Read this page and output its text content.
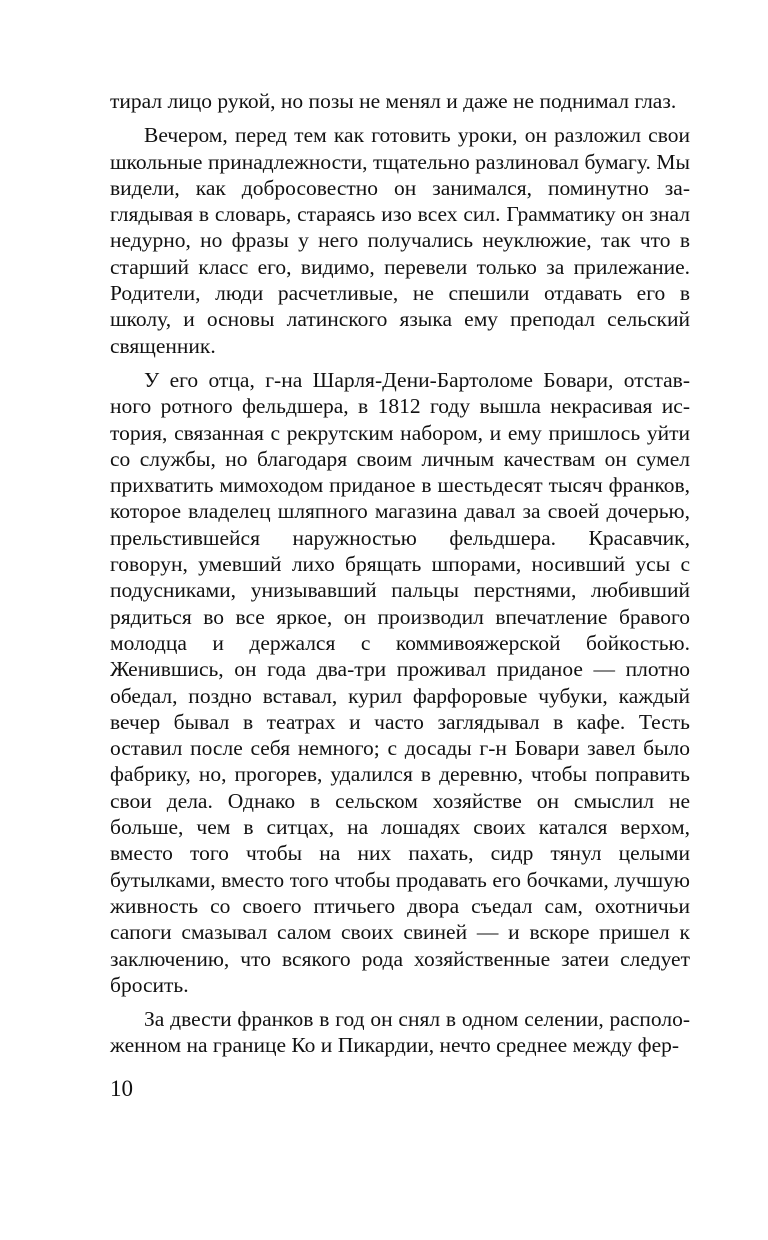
тирал лицо рукой, но позы не менял и даже не поднимал глаз.

Вечером, перед тем как готовить уроки, он разложил свои школьные принадлежности, тщательно разлиновал бумагу. Мы видели, как добросовестно он занимался, поминутно заглядывая в словарь, стараясь изо всех сил. Грамматику он знал недурно, но фразы у него получались неуклюжие, так что в старший класс его, видимо, перевели только за прилежание. Родители, люди расчетливые, не спешили отдавать его в школу, и основы латинского языка ему преподал сельский священник.

У его отца, г-на Шарля-Дени-Бартоломе Бовари, отставного ротного фельдшера, в 1812 году вышла некрасивая история, связанная с рекрутским набором, и ему пришлось уйти со службы, но благодаря своим личным качествам он сумел прихватить мимоходом приданое в шестьдесят тысяч франков, которое владелец шляпного магазина давал за своей дочерью, прельстившейся наружностью фельдшера. Красавчик, говорун, умевший лихо брящать шпорами, носивший усы с подусниками, унизывавший пальцы перстнями, любивший рядиться во все яркое, он производил впечатление бравого молодца и держался с коммивояжерской бойкостью. Женившись, он года два-три проживал приданое — плотно обедал, поздно вставал, курил фарфоровые чубуки, каждый вечер бывал в театрах и часто заглядывал в кафе. Тесть оставил после себя немного; с досады г-н Бовари завел было фабрику, но, прогорев, удалился в деревню, чтобы поправить свои дела. Однако в сельском хозяйстве он смыслил не больше, чем в ситцах, на лошадях своих катался верхом, вместо того чтобы на них пахать, сидр тянул целыми бутылками, вместо того чтобы продавать его бочками, лучшую живность со своего птичьего двора съедал сам, охотничьи сапоги смазывал салом своих свиней — и вскоре пришел к заключению, что всякого рода хозяйственные затеи следует бросить.

За двести франков в год он снял в одном селении, расположенном на границе Ко и Пикардии, нечто среднее между фер-

10
